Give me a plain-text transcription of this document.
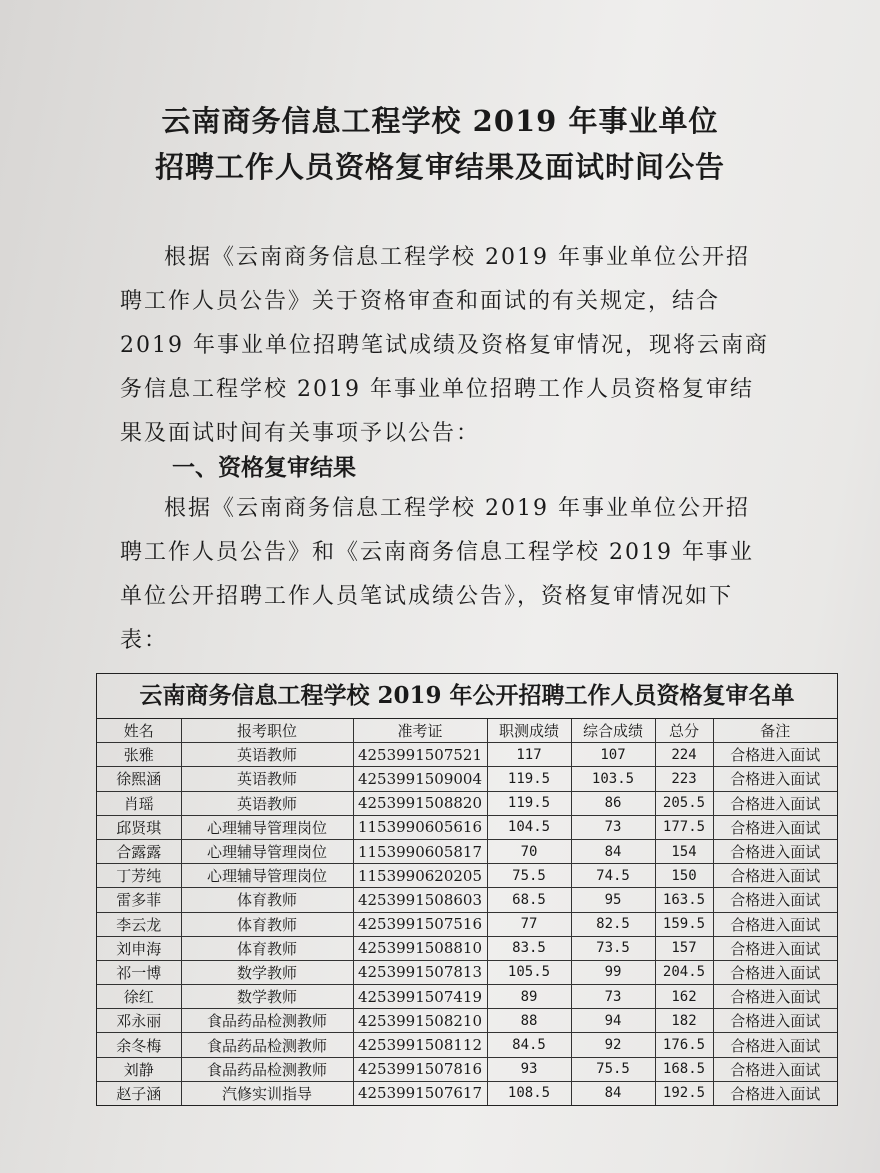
云南商务信息工程学校 2019 年事业单位
招聘工作人员资格复审结果及面试时间公告
根据《云南商务信息工程学校 2019 年事业单位公开招
聘工作人员公告》关于资格审查和面试的有关规定，结合
2019 年事业单位招聘笔试成绩及资格复审情况，现将云南商
务信息工程学校 2019 年事业单位招聘工作人员资格复审结
果及面试时间有关事项予以公告：
一、资格复审结果
根据《云南商务信息工程学校 2019 年事业单位公开招
聘工作人员公告》和《云南商务信息工程学校 2019 年事业
单位公开招聘工作人员笔试成绩公告》，资格复审情况如下
表：
云南商务信息工程学校 2019 年公开招聘工作人员资格复审名单
姓名	报考职位	准考证	职测成绩	综合成绩	总分	备注
张雅	英语教师	4253991507521	117	107	224	合格进入面试
徐熙涵	英语教师	4253991509004	119.5	103.5	223	合格进入面试
肖瑶	英语教师	4253991508820	119.5	86	205.5	合格进入面试
邱贤琪	心理辅导管理岗位	1153990605616	104.5	73	177.5	合格进入面试
合露露	心理辅导管理岗位	1153990605817	70	84	154	合格进入面试
丁芳纯	心理辅导管理岗位	1153990620205	75.5	74.5	150	合格进入面试
雷多菲	体育教师	4253991508603	68.5	95	163.5	合格进入面试
李云龙	体育教师	4253991507516	77	82.5	159.5	合格进入面试
刘申海	体育教师	4253991508810	83.5	73.5	157	合格进入面试
祁一博	数学教师	4253991507813	105.5	99	204.5	合格进入面试
徐红	数学教师	4253991507419	89	73	162	合格进入面试
邓永丽	食品药品检测教师	4253991508210	88	94	182	合格进入面试
余冬梅	食品药品检测教师	4253991508112	84.5	92	176.5	合格进入面试
刘静	食品药品检测教师	4253991507816	93	75.5	168.5	合格进入面试
赵子涵	汽修实训指导	4253991507617	108.5	84	192.5	合格进入面试
